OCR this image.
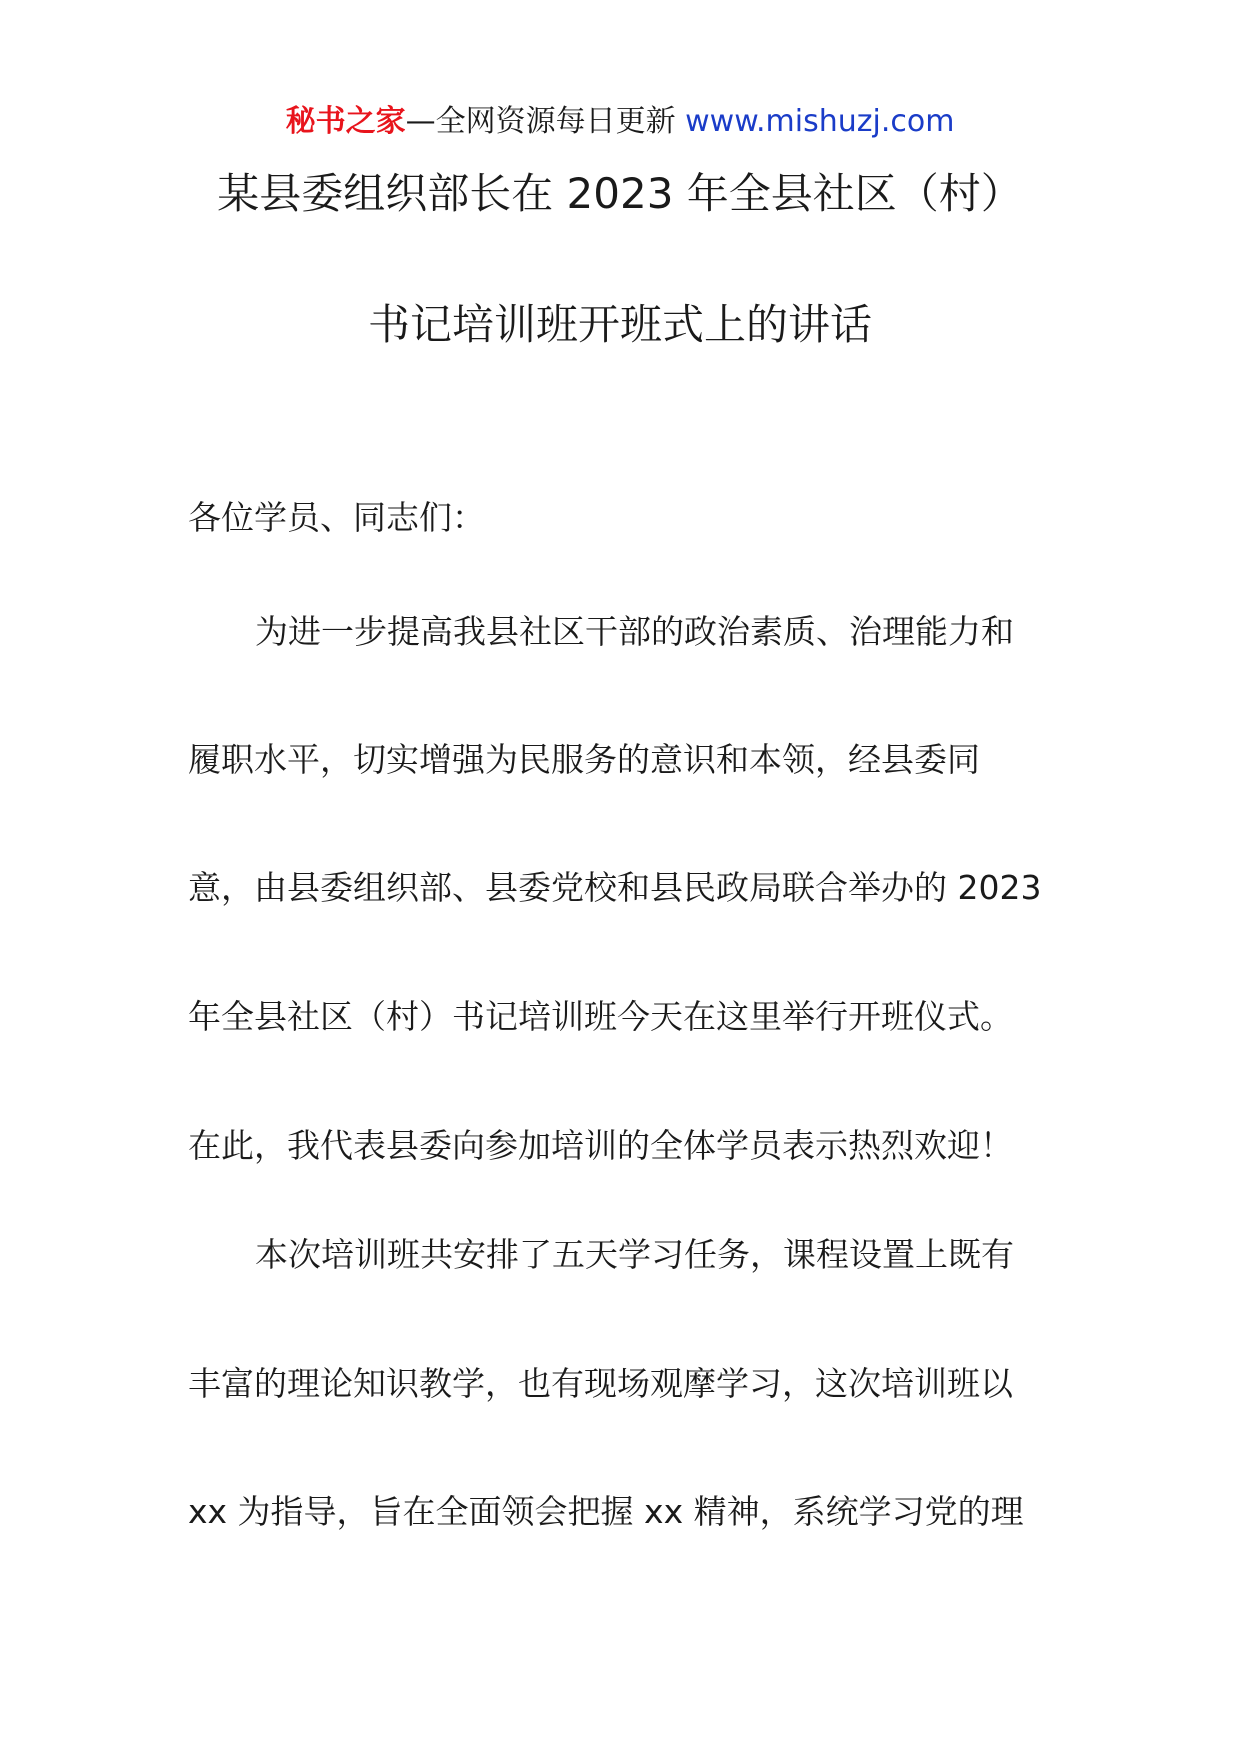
秘书之家—全网资源每日更新 www.mishuzj.com
某县委组织部长在 2023 年全县社区（村）
书记培训班开班式上的讲话
各位学员、同志们：
为进一步提高我县社区干部的政治素质、治理能力和
履职水平，切实增强为民服务的意识和本领，经县委同
意，由县委组织部、县委党校和县民政局联合举办的 2023
年全县社区（村）书记培训班今天在这里举行开班仪式。
在此，我代表县委向参加培训的全体学员表示热烈欢迎！
本次培训班共安排了五天学习任务，课程设置上既有
丰富的理论知识教学，也有现场观摩学习，这次培训班以
xx 为指导，旨在全面领会把握 xx 精神，系统学习党的理
